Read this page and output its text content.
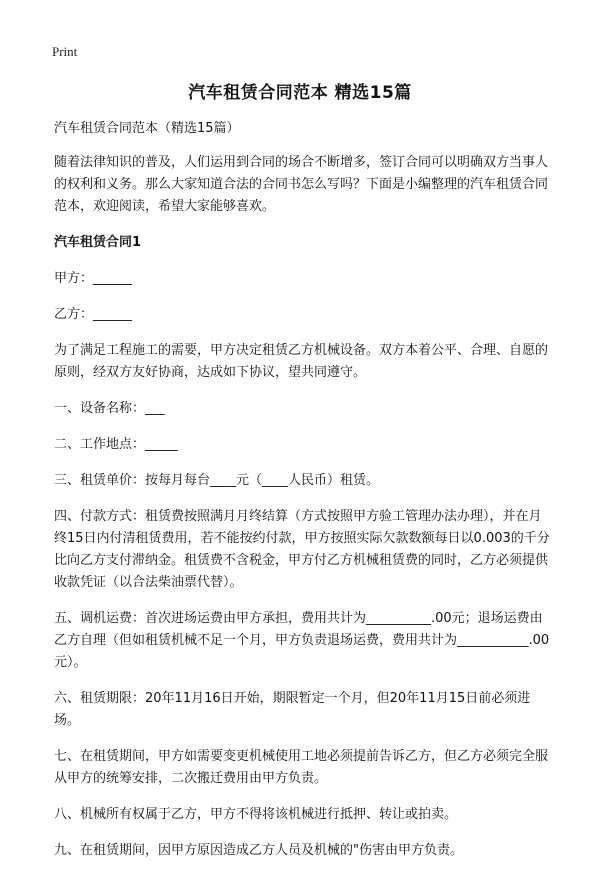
Print
汽车租赁合同范本 精选15篇

汽车租赁合同范本（精选15篇）

随着法律知识的普及，人们运用到合同的场合不断增多，签订合同可以明确双方当事人的权利和义务。那么大家知道合法的合同书怎么写吗？下面是小编整理的汽车租赁合同范本，欢迎阅读，希望大家能够喜欢。

汽车租赁合同1

甲方：______

乙方：______

为了满足工程施工的需要，甲方决定租赁乙方机械设备。双方本着公平、合理、自愿的原则，经双方友好协商，达成如下协议，望共同遵守。

一、设备名称：___

二、工作地点：_____

三、租赁单价：按每月每台____元（____人民币）租赁。

四、付款方式：租赁费按照满月月终结算（方式按照甲方验工管理办法办理），并在月终15日内付清租赁费用，若不能按约付款，甲方按照实际欠款数额每日以0.003的千分比向乙方支付滞纳金。租赁费不含税金，甲方付乙方机械租赁费的同时，乙方必须提供收款凭证（以合法柴油票代替）。

五、调机运费：首次进场运费由甲方承担，费用共计为__________.00元；退场运费由乙方自理（但如租赁机械不足一个月，甲方负责退场运费，费用共计为___________.00元）。

六、租赁期限：20年11月16日开始，期限暂定一个月，但20年11月15日前必须进场。

七、在租赁期间，甲方如需要变更机械使用工地必须提前告诉乙方，但乙方必须完全服从甲方的统筹安排，二次搬迁费用由甲方负责。

八、机械所有权属于乙方，甲方不得将该机械进行抵押、转让或拍卖。

九、在租赁期间，因甲方原因造成乙方人员及机械的"伤害由甲方负责。
